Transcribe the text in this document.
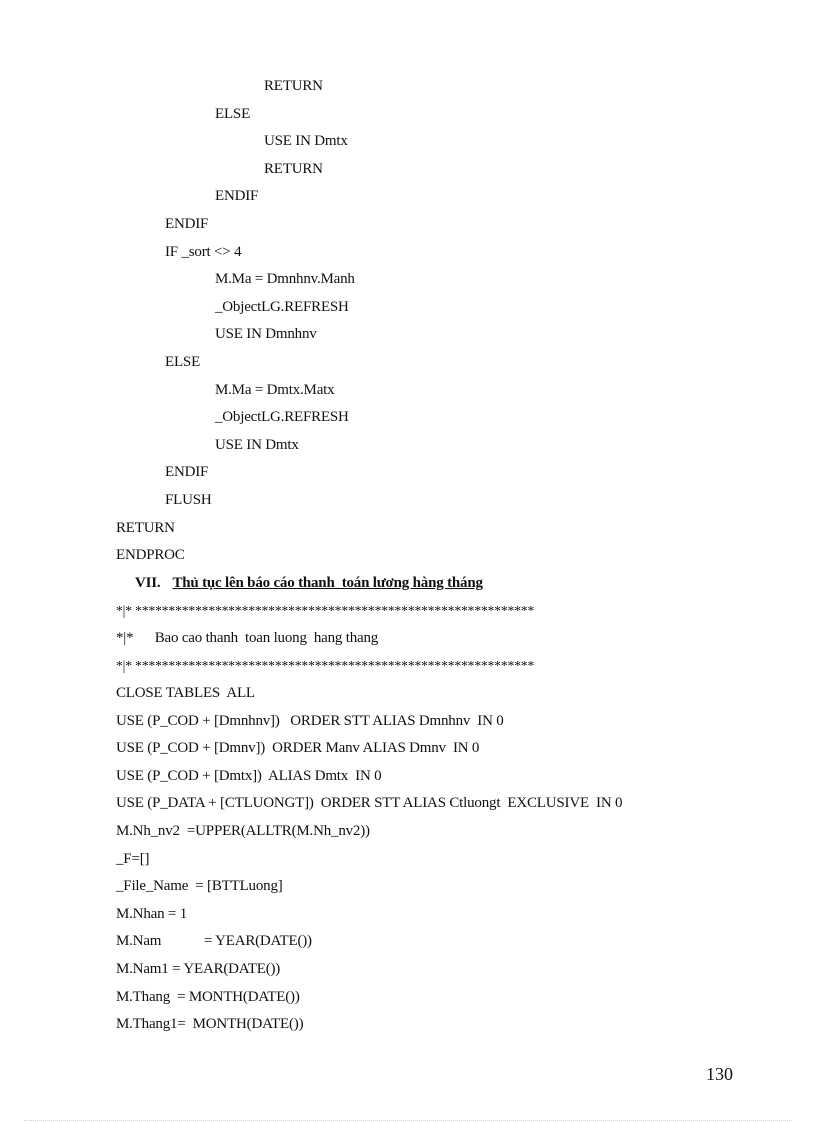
RETURN
ELSE
USE IN Dmtx
RETURN
ENDIF
ENDIF
IF _sort <> 4
M.Ma = Dmnhnv.Manh
_ObjectLG.REFRESH
USE IN Dmnhnv
ELSE
M.Ma = Dmtx.Matx
_ObjectLG.REFRESH
USE IN Dmtx
ENDIF
FLUSH
RETURN
ENDPROC
VII. Thủ tục lên báo cáo thanh  toán lương hàng tháng
*|* ************************************************************
*|*      Bao cao thanh  toan luong  hang thang
*|* ************************************************************
CLOSE TABLES  ALL
USE (P_COD + [Dmnhnv])   ORDER STT ALIAS Dmnhnv  IN 0
USE (P_COD + [Dmnv])  ORDER Manv ALIAS Dmnv  IN 0
USE (P_COD + [Dmtx])  ALIAS Dmtx  IN 0
USE (P_DATA + [CTLUONGT])  ORDER STT ALIAS Ctluongt  EXCLUSIVE  IN 0
M.Nh_nv2  =UPPER(ALLTR(M.Nh_nv2))
_F=[]
_File_Name  = [BTTLuong]
M.Nhan = 1
M.Nam            = YEAR(DATE())
M.Nam1 = YEAR(DATE())
M.Thang  = MONTH(DATE())
M.Thang1=  MONTH(DATE())
130
